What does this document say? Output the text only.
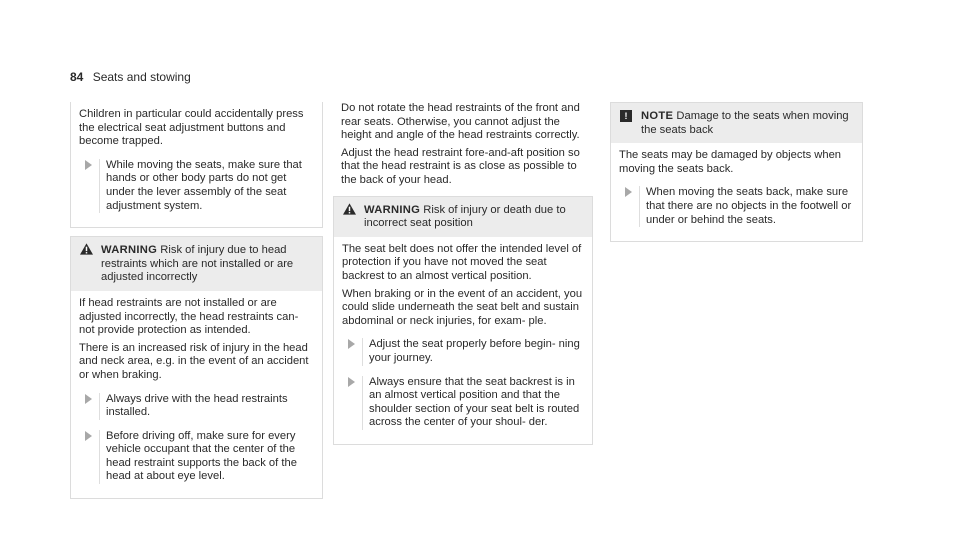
84 Seats and stowing

Children in particular could accidentally press the electrical seat adjustment buttons and become trapped.

While moving the seats, make sure that hands or other body parts do not get under the lever assembly of the seat adjustment system.
WARNING Risk of injury due to head restraints which are not installed or are adjusted incorrectly

If head restraints are not installed or are adjusted incorrectly, the head restraints can- not provide protection as intended.

There is an increased risk of injury in the head and neck area, e.g. in the event of an accident or when braking.

Always drive with the head restraints installed.
Before driving off, make sure for every vehicle occupant that the center of the head restraint supports the back of the head at about eye level.

Do not rotate the head restraints of the front and rear seats. Otherwise, you cannot adjust the height and angle of the head restraints correctly.

Adjust the head restraint fore-and-aft position so that the head restraint is as close as possible to the back of your head.

WARNING Risk of injury or death due to incorrect seat position

The seat belt does not offer the intended level of protection if you have not moved the seat backrest to an almost vertical position.

When braking or in the event of an accident, you could slide underneath the seat belt and sustain abdominal or neck injuries, for exam- ple.

Adjust the seat properly before begin- ning your journey.
Always ensure that the seat backrest is in an almost vertical position and that the shoulder section of your seat belt is routed across the center of your shoul- der.
!	NOTE Damage to the seats when moving the seats back

The seats may be damaged by objects when moving the seats back.

When moving the seats back, make sure that there are no objects in the footwell or under or behind the seats.
